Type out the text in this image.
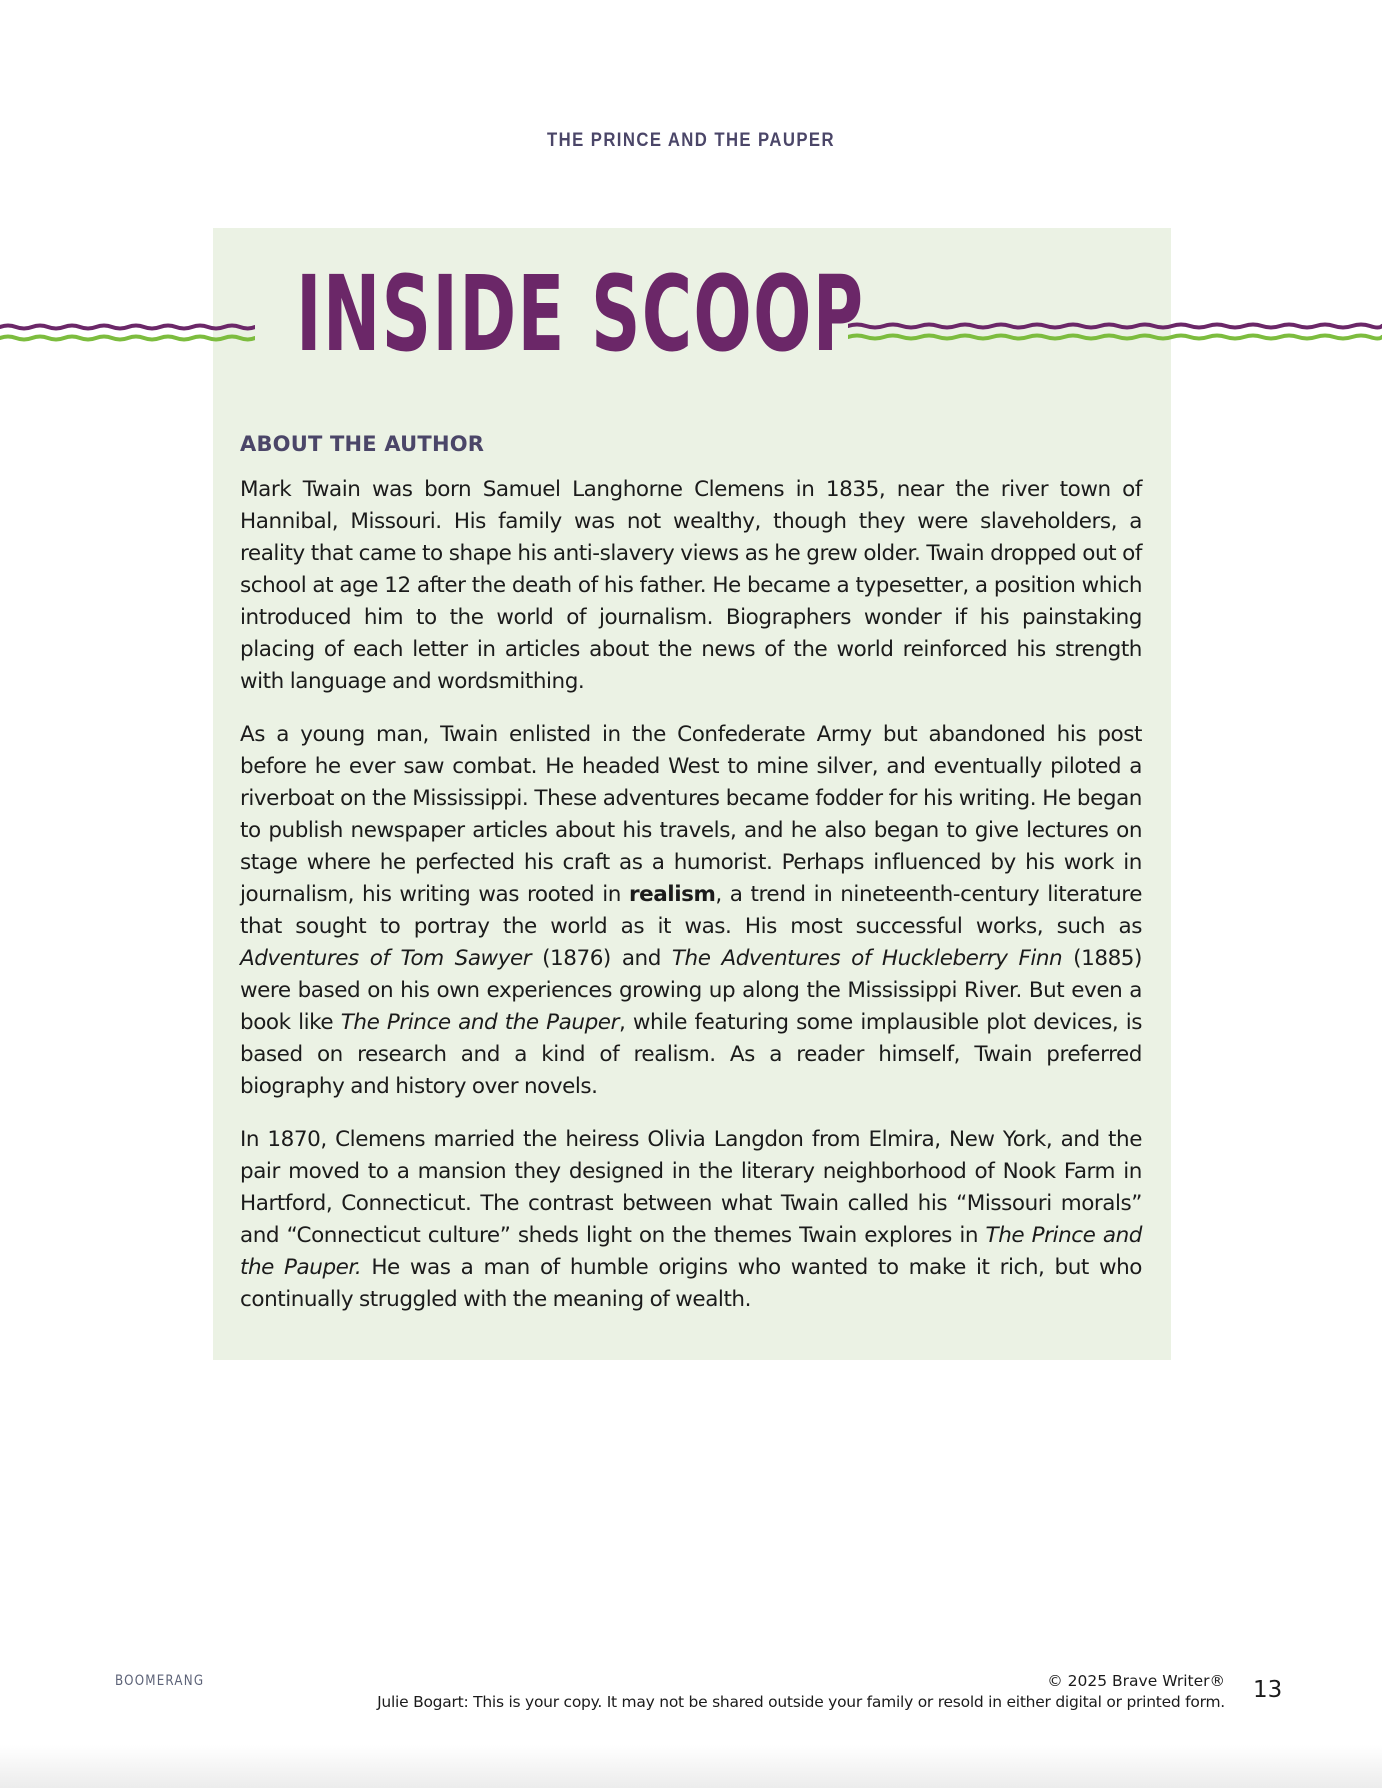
THE PRINCE AND THE PAUPER
INSIDE SCOOP
ABOUT THE AUTHOR

Mark Twain was born Samuel Langhorne Clemens in 1835, near the river town of Hannibal, Missouri. His family was not wealthy, though they were slaveholders, a reality that came to shape his anti-slavery views as he grew older. Twain dropped out of school at age 12 after the death of his father. He became a typesetter, a position which introduced him to the world of journalism. Biographers wonder if his painstaking placing of each letter in articles about the news of the world reinforced his strength with language and wordsmithing.

As a young man, Twain enlisted in the Confederate Army but abandoned his post before he ever saw combat. He headed West to mine silver, and eventually piloted a riverboat on the Mississippi. These adventures became fodder for his writing. He began to publish newspaper articles about his travels, and he also began to give lectures on stage where he perfected his craft as a humorist. Perhaps influenced by his work in journalism, his writing was rooted in realism, a trend in nineteenth-century literature that sought to portray the world as it was. His most successful works, such as Adventures of Tom Sawyer (1876) and The Adventures of Huckleberry Finn (1885) were based on his own experiences growing up along the Mississippi River. But even a book like The Prince and the Pauper, while featuring some implausible plot devices, is based on research and a kind of realism. As a reader himself, Twain preferred biography and history over novels.

In 1870, Clemens married the heiress Olivia Langdon from Elmira, New York, and the pair moved to a mansion they designed in the literary neighborhood of Nook Farm in Hartford, Connecticut. The contrast between what Twain called his “Missouri morals” and “Connecticut culture” sheds light on the themes Twain explores in The Prince and the Pauper. He was a man of humble origins who wanted to make it rich, but who continually struggled with the meaning of wealth.

BOOMERANG	© 2025 Brave Writer®
Julie Bogart: This is your copy. It may not be shared outside your family or resold in either digital or printed form. 13
